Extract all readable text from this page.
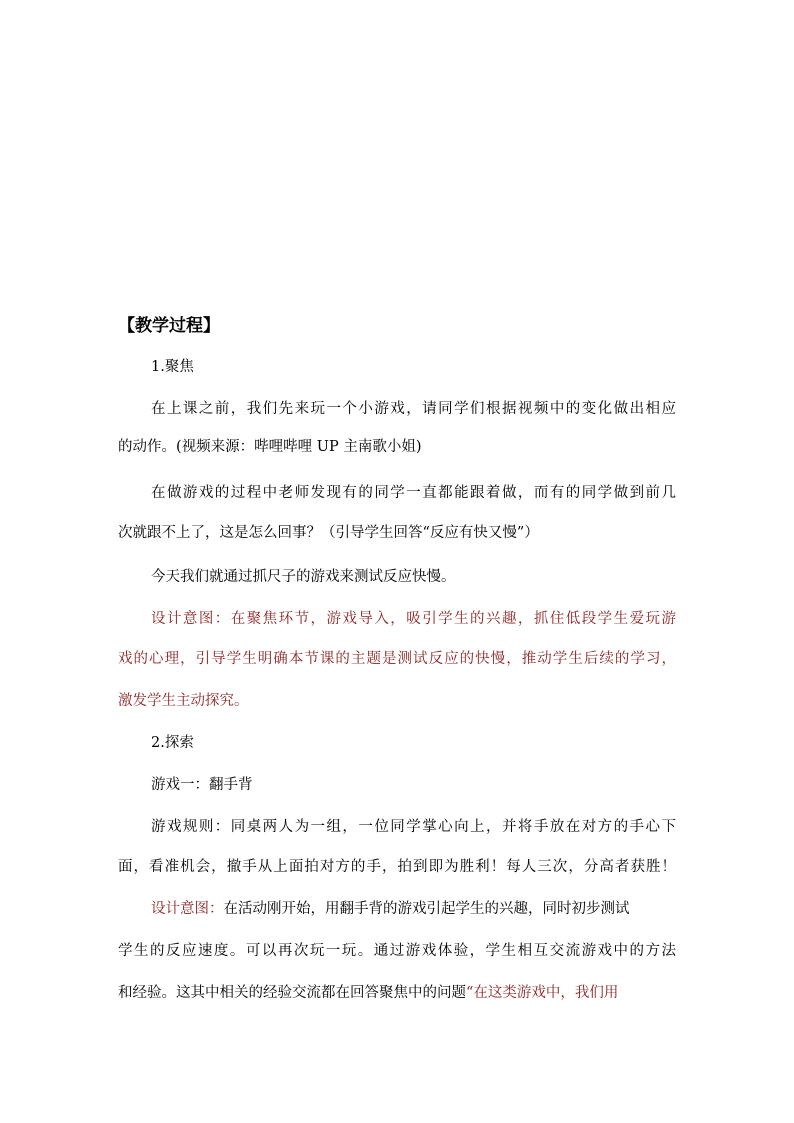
【教学过程】
1.聚焦
在上课之前，我们先来玩一个小游戏，请同学们根据视频中的变化做出相应
的动作。(视频来源：哔哩哔哩 UP 主南歌小姐)
在做游戏的过程中老师发现有的同学一直都能跟着做，而有的同学做到前几
次就跟不上了，这是怎么回事？（引导学生回答“反应有快又慢”）
今天我们就通过抓尺子的游戏来测试反应快慢。
设计意图：在聚焦环节，游戏导入，吸引学生的兴趣，抓住低段学生爱玩游
戏的心理，引导学生明确本节课的主题是测试反应的快慢，推动学生后续的学习，
激发学生主动探究。
2.探索
游戏一：翻手背
游戏规则：同桌两人为一组，一位同学掌心向上，并将手放在对方的手心下
面，看准机会，撤手从上面拍对方的手，拍到即为胜利！每人三次，分高者获胜！
设计意图：在活动刚开始，用翻手背的游戏引起学生的兴趣，同时初步测试
学生的反应速度。可以再次玩一玩。通过游戏体验，学生相互交流游戏中的方法
和经验。这其中相关的经验交流都在回答聚焦中的问题“在这类游戏中，我们用
